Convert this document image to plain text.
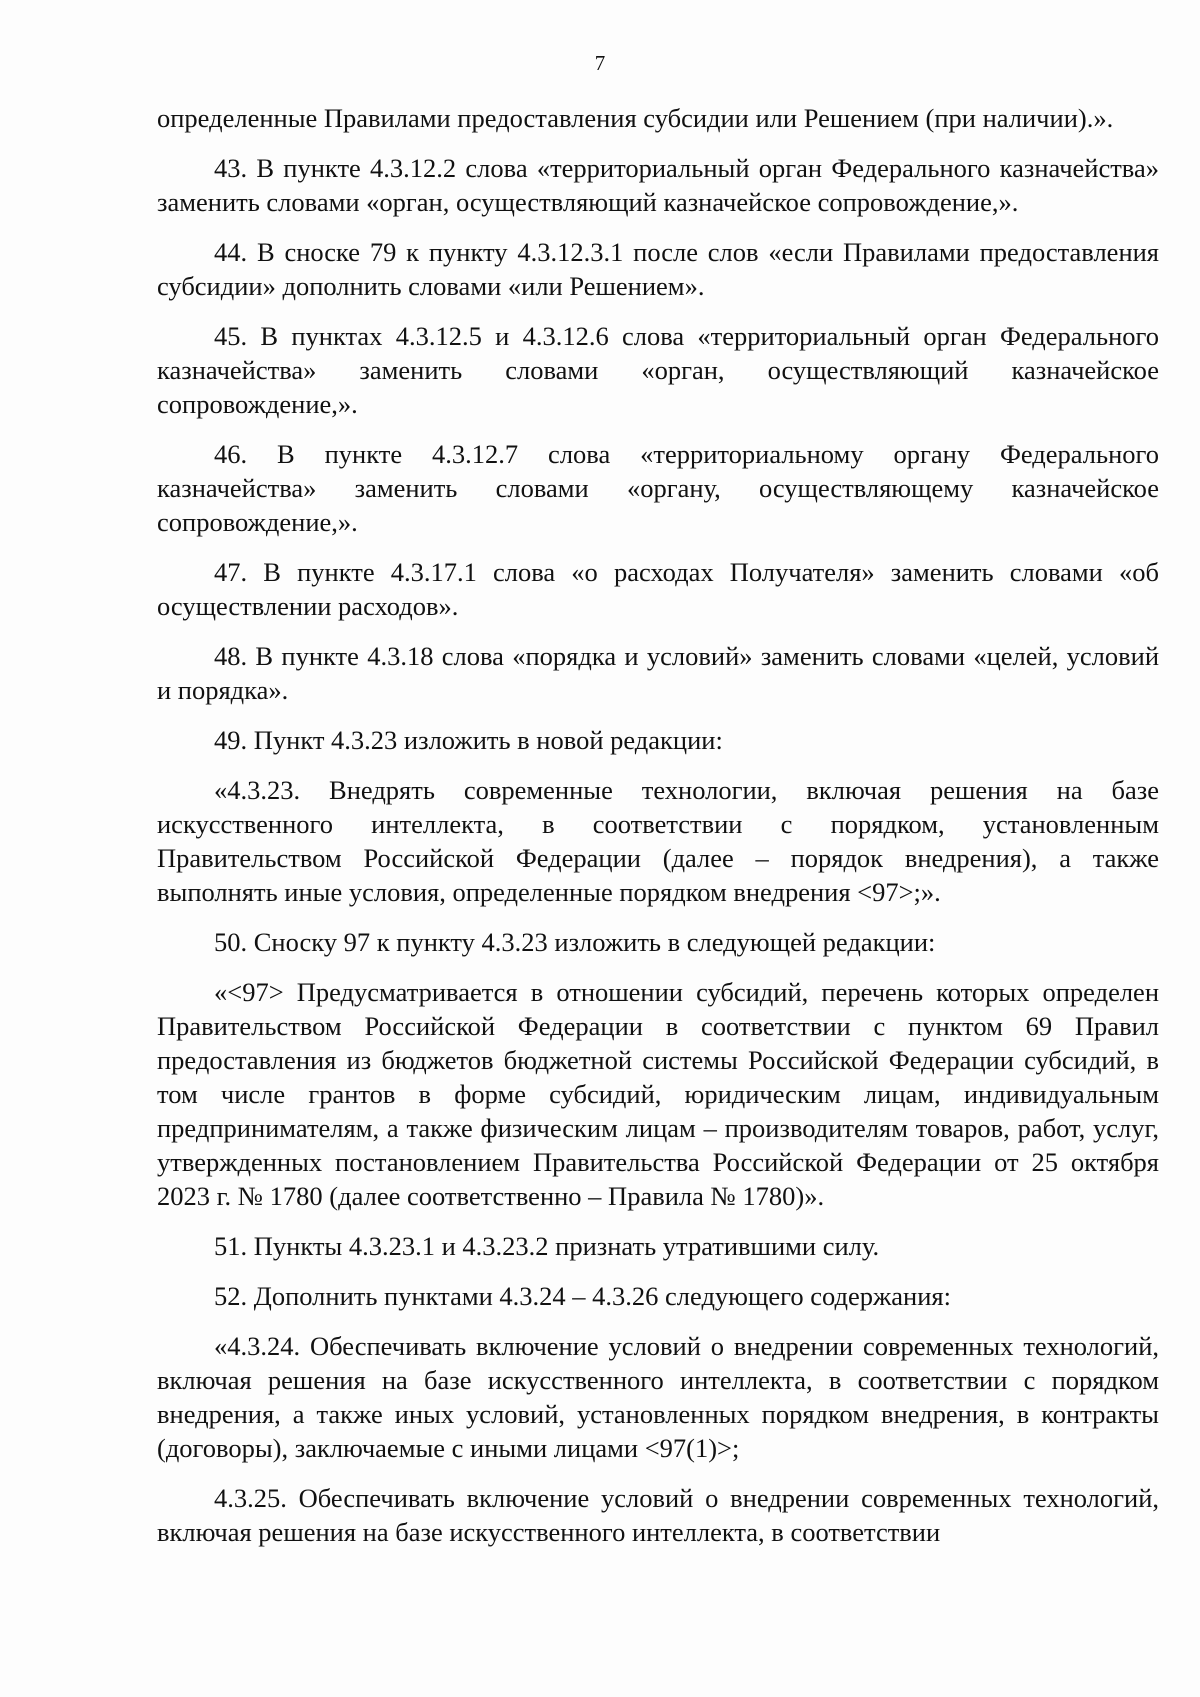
7

определенные Правилами предоставления субсидии или Решением (при наличии).».

43. В пункте 4.3.12.2 слова «территориальный орган Федерального казначейства» заменить словами «орган, осуществляющий казначейское сопровождение,».

44. В сноске 79 к пункту 4.3.12.3.1 после слов «если Правилами предоставления субсидии» дополнить словами «или Решением».

45. В пунктах 4.3.12.5 и 4.3.12.6 слова «территориальный орган Федерального казначейства» заменить словами «орган, осуществляющий казначейское сопровождение,».

46. В пункте 4.3.12.7 слова «территориальному органу Федерального казначейства» заменить словами «органу, осуществляющему казначейское сопровождение,».

47. В пункте 4.3.17.1 слова «о расходах Получателя» заменить словами «об осуществлении расходов».

48. В пункте 4.3.18 слова «порядка и условий» заменить словами «целей, условий и порядка».

49. Пункт 4.3.23 изложить в новой редакции:

«4.3.23. Внедрять современные технологии, включая решения на базе искусственного интеллекта, в соответствии с порядком, установленным Правительством Российской Федерации (далее – порядок внедрения), а также выполнять иные условия, определенные порядком внедрения <97>;».

50. Сноску 97 к пункту 4.3.23 изложить в следующей редакции:

«<97> Предусматривается в отношении субсидий, перечень которых определен Правительством Российской Федерации в соответствии с пунктом 69 Правил предоставления из бюджетов бюджетной системы Российской Федерации субсидий, в том числе грантов в форме субсидий, юридическим лицам, индивидуальным предпринимателям, а также физическим лицам – производителям товаров, работ, услуг, утвержденных постановлением Правительства Российской Федерации от 25 октября 2023 г. № 1780 (далее соответственно – Правила № 1780)».

51. Пункты 4.3.23.1 и 4.3.23.2 признать утратившими силу.

52. Дополнить пунктами 4.3.24 – 4.3.26 следующего содержания:

«4.3.24. Обеспечивать включение условий о внедрении современных технологий, включая решения на базе искусственного интеллекта, в соответствии с порядком внедрения, а также иных условий, установленных порядком внедрения, в контракты (договоры), заключаемые с иными лицами <97(1)>;

4.3.25. Обеспечивать включение условий о внедрении современных технологий, включая решения на базе искусственного интеллекта, в соответствии
